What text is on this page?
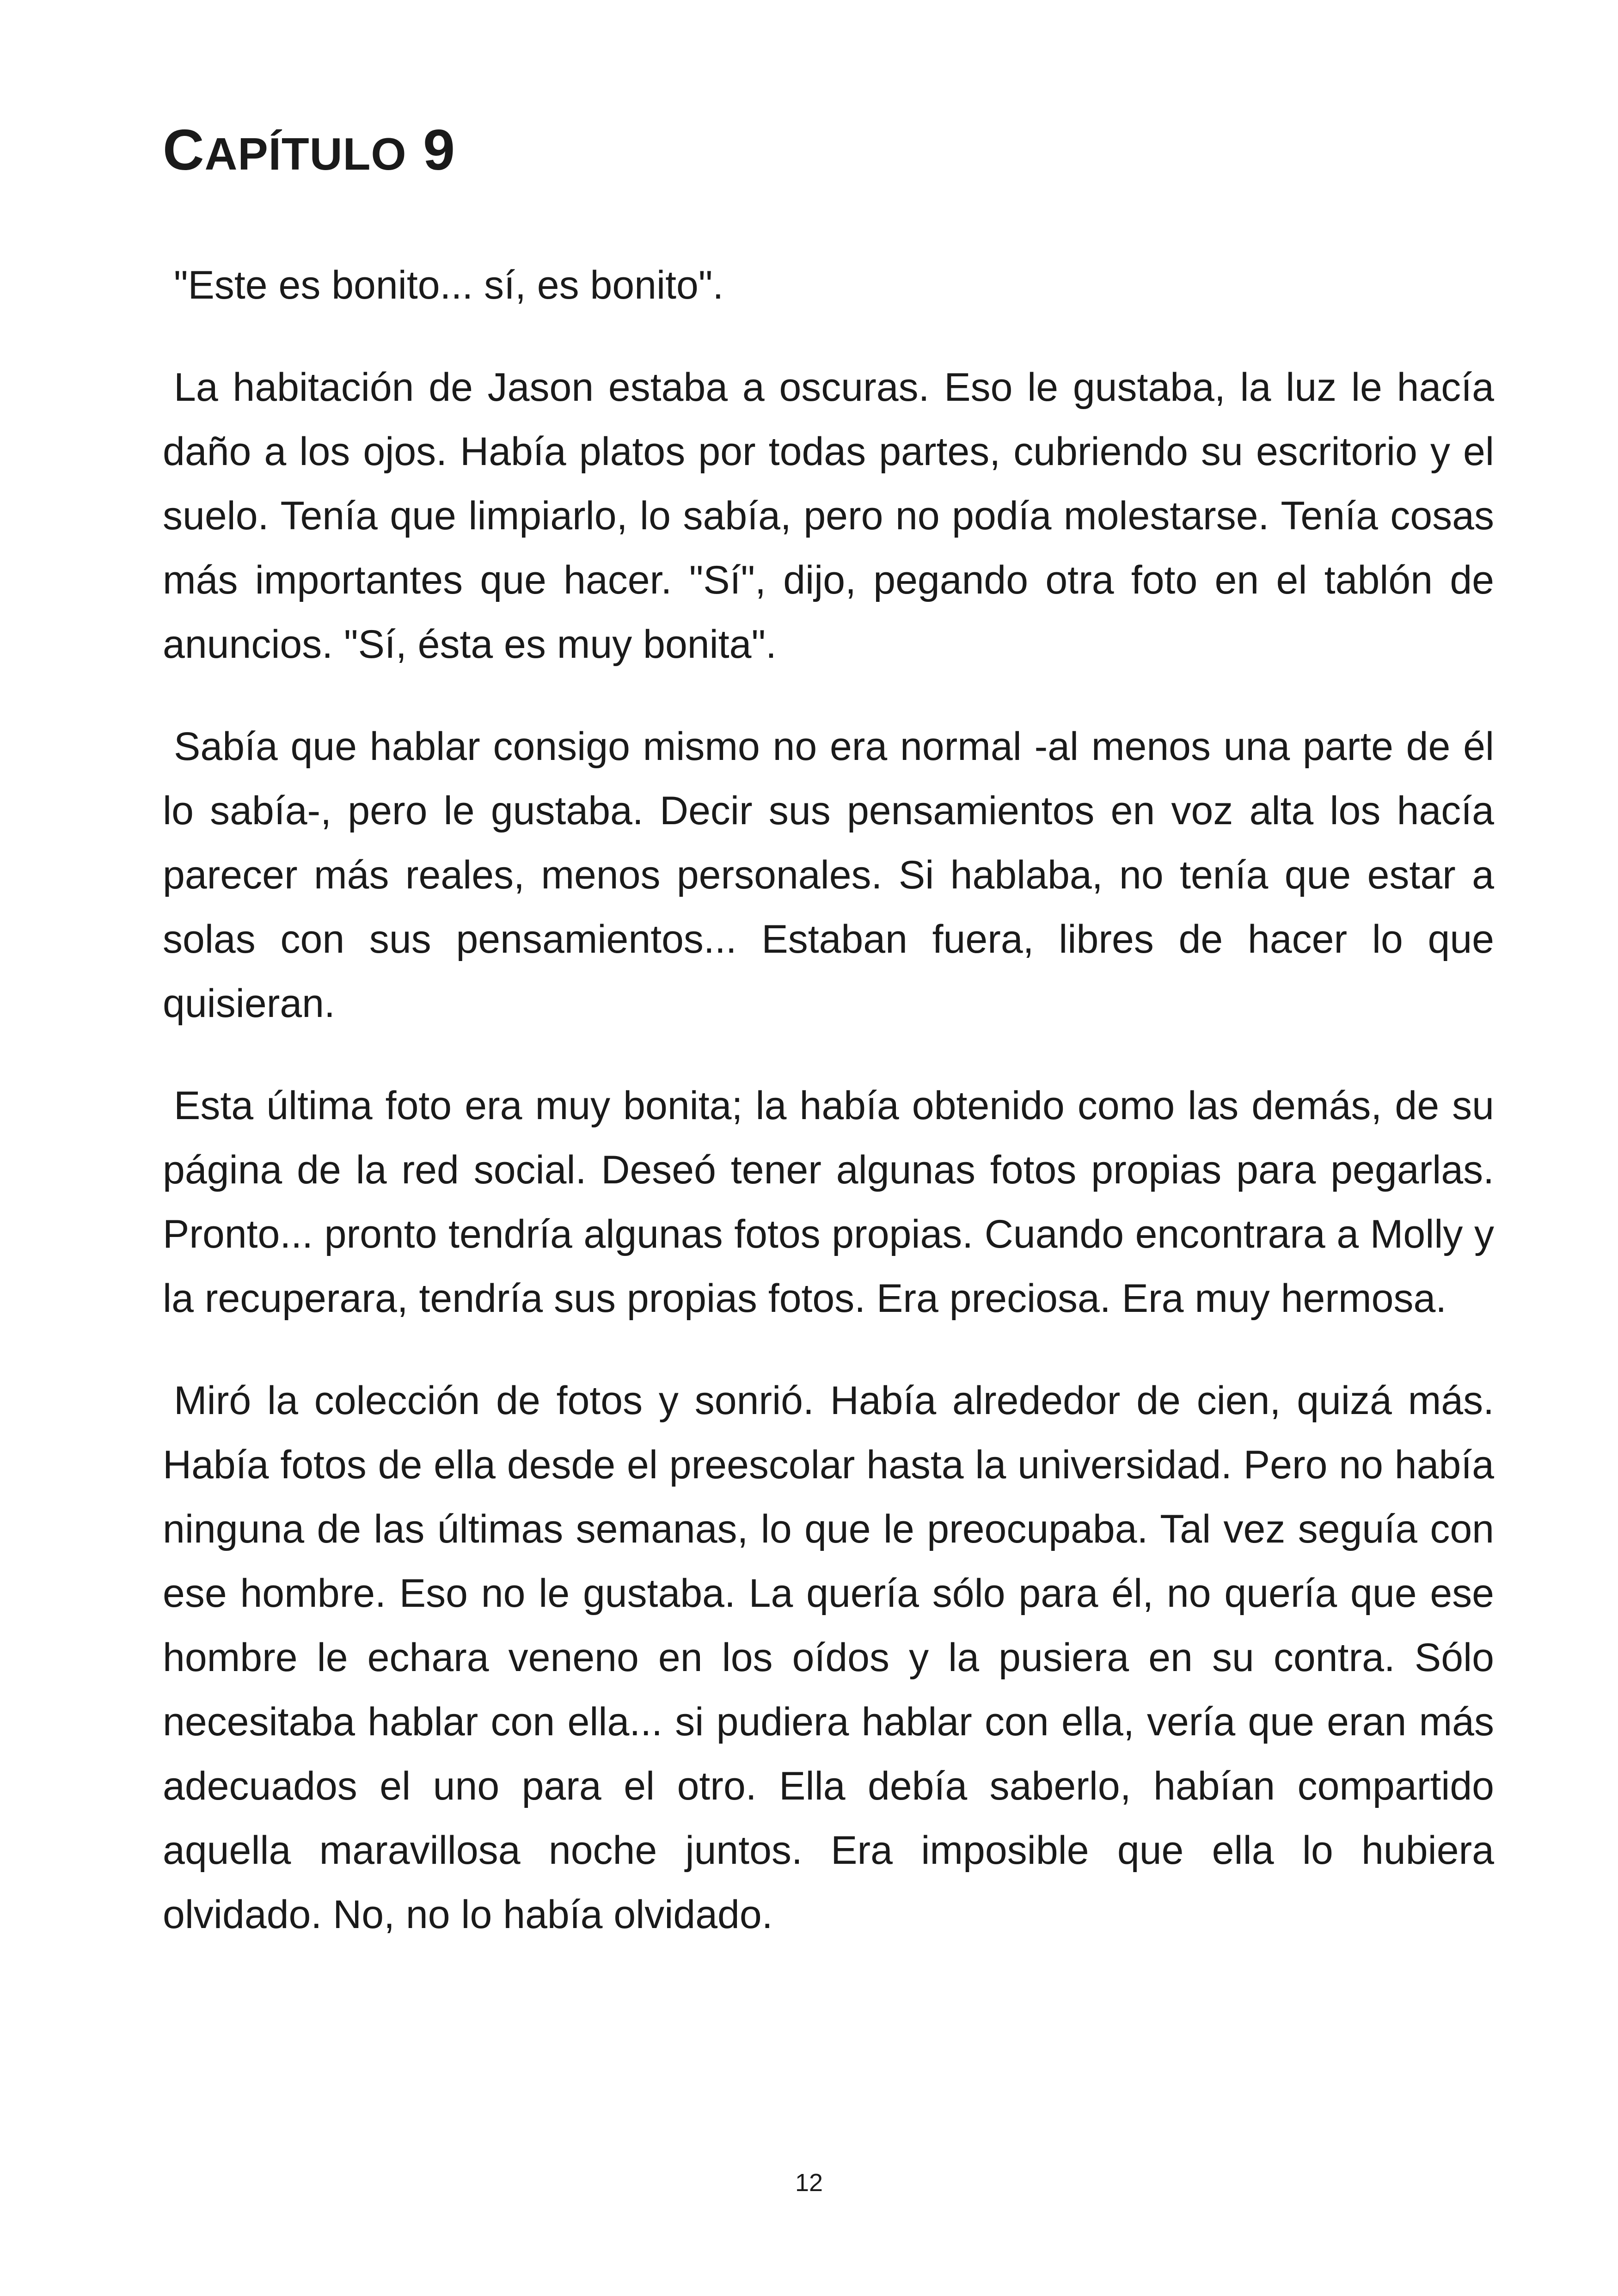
CAPÍTULO 9

"Este es bonito... sí, es bonito".

La habitación de Jason estaba a oscuras. Eso le gustaba, la luz le hacía daño a los ojos. Había platos por todas partes, cubriendo su escritorio y el suelo. Tenía que limpiarlo, lo sabía, pero no podía molestarse. Tenía cosas más importantes que hacer. "Sí", dijo, pegando otra foto en el tablón de anuncios. "Sí, ésta es muy bonita".

Sabía que hablar consigo mismo no era normal -al menos una parte de él lo sabía-, pero le gustaba. Decir sus pensamientos en voz alta los hacía parecer más reales, menos personales. Si hablaba, no tenía que estar a solas con sus pensamientos... Estaban fuera, libres de hacer lo que quisieran.

Esta última foto era muy bonita; la había obtenido como las demás, de su página de la red social. Deseó tener algunas fotos propias para pegarlas. Pronto... pronto tendría algunas fotos propias. Cuando encontrara a Molly y la recuperara, tendría sus propias fotos. Era preciosa. Era muy hermosa.

Miró la colección de fotos y sonrió. Había alrededor de cien, quizá más. Había fotos de ella desde el preescolar hasta la universidad. Pero no había ninguna de las últimas semanas, lo que le preocupaba. Tal vez seguía con ese hombre. Eso no le gustaba. La quería sólo para él, no quería que ese hombre le echara veneno en los oídos y la pusiera en su contra. Sólo necesitaba hablar con ella... si pudiera hablar con ella, vería que eran más adecuados el uno para el otro. Ella debía saberlo, habían compartido aquella maravillosa noche juntos. Era imposible que ella lo hubiera olvidado. No, no lo había olvidado.

12
